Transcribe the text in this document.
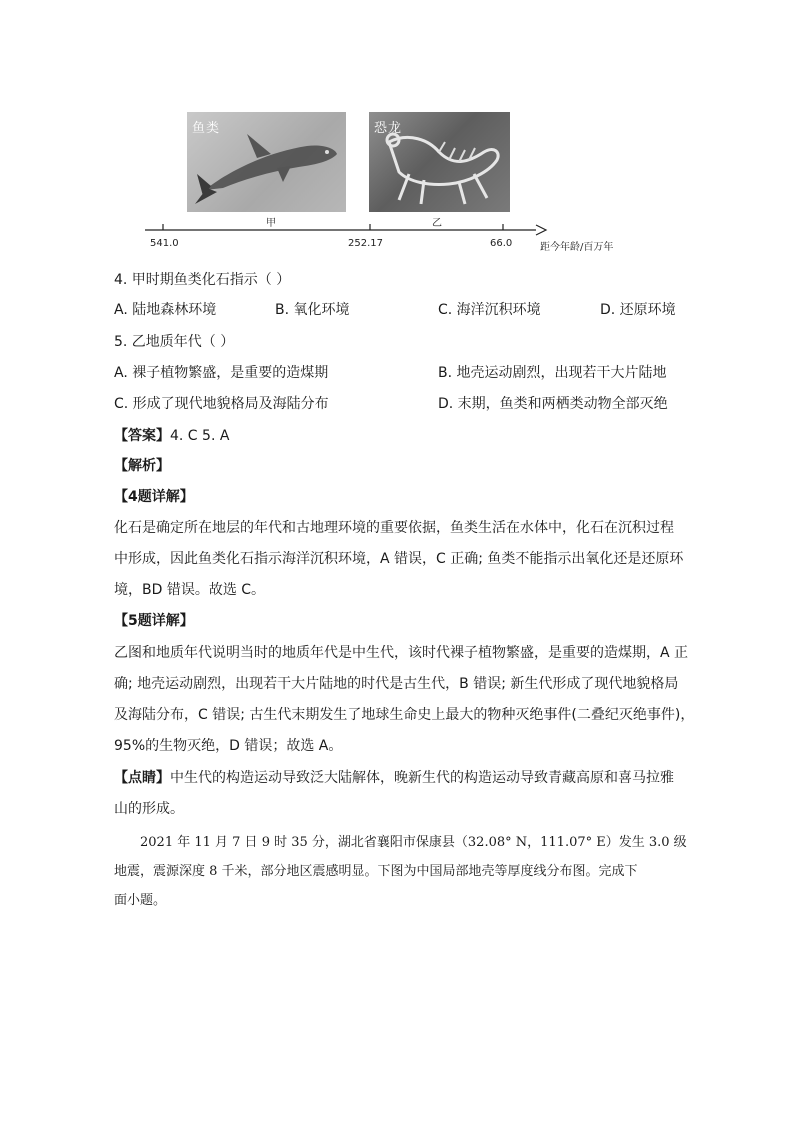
鱼类	恐龙
甲	乙
541.0	252.17	66.0	距今年龄/百万年
4. 甲时期鱼类化石指示（ ）
A. 陆地森林环境	B. 氧化环境	C. 海洋沉积环境	D. 还原环境
5. 乙地质年代（ ）
A. 裸子植物繁盛，是重要的造煤期	B. 地壳运动剧烈，出现若干大片陆地
C. 形成了现代地貌格局及海陆分布	D. 末期，鱼类和两栖类动物全部灭绝
【答案】4. C 5. A
【解析】
【4题详解】
化石是确定所在地层的年代和古地理环境的重要依据，鱼类生活在水体中，化石在沉积过程
中形成，因此鱼类化石指示海洋沉积环境，A 错误，C 正确; 鱼类不能指示出氧化还是还原环
境，BD 错误。故选 C。
【5题详解】
乙图和地质年代说明当时的地质年代是中生代，该时代裸子植物繁盛，是重要的造煤期，A 正
确; 地壳运动剧烈，出现若干大片陆地的时代是古生代，B 错误; 新生代形成了现代地貌格局
及海陆分布，C 错误; 古生代末期发生了地球生命史上最大的物种灭绝事件(二叠纪灭绝事件)，
95%的生物灭绝，D 错误；故选 A。
【点睛】中生代的构造运动导致泛大陆解体，晚新生代的构造运动导致青藏高原和喜马拉雅
山的形成。
2021 年 11 月 7 日 9 时 35 分，湖北省襄阳市保康县（32.08° N，111.07° E）发生 3.0 级
地震，震源深度 8 千米，部分地区震感明显。下图为中国局部地壳等厚度线分布图。完成下
面小题。
